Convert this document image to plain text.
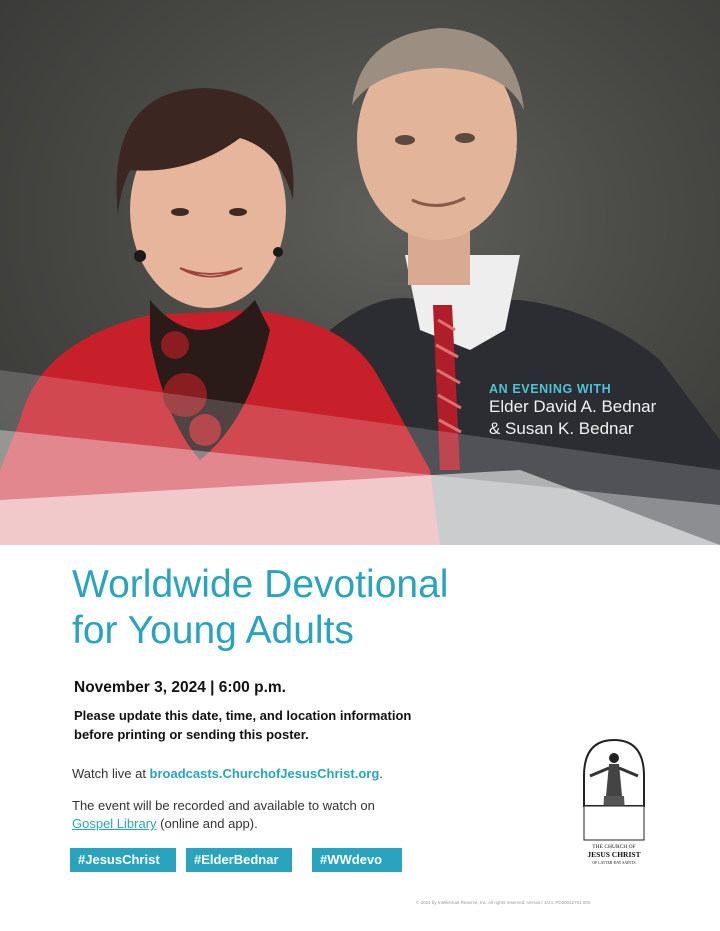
AN EVENING WITH
Elder David A. Bednar
& Susan K. Bednar
Worldwide Devotional
for Young Adults
November 3, 2024 | 6:00 p.m.
Please update this date, time, and location information
before printing or sending this poster.
Watch live at broadcasts.ChurchofJesusChrist.org.
The event will be recorded and available to watch on
Gospel Library (online and app).
#JesusChrist	#ElderBednar	#WWdevo
THE CHURCH OF
JESUS CHRIST
OF LATTER-DAY SAINTS
© 2024 by Intellectual Reserve, Inc. All rights reserved. Version: 4/24. PD60042751 000
